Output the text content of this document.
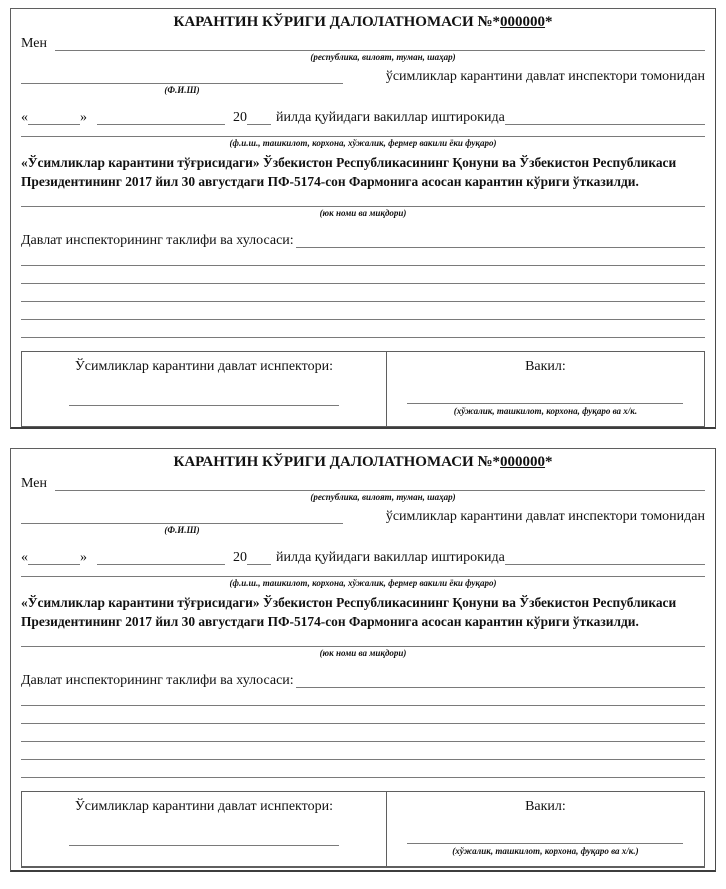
КАРАНТИН КЎРИГИ ДАЛОЛАТНОМАСИ №*000000*
Мен
(республика, вилоят, туман, шаҳар)
ўсимликлар карантини давлат инспектори томонидан
(Ф.И.Ш)
«	»	20 йилда қуйидаги вакиллар иштирокида
(ф.и.ш., ташкилот, корхона, хўжалик, фермер вакили ёки фуқаро)
«Ўсимликлар карантини тўғрисидаги» Ўзбекистон Республикасининг Қонуни ва Ўзбекистон Республикаси Президентининг 2017 йил 30 августдаги ПФ-5174-сон Фармонига асосан карантин кўриги ўтказилди.
(юк номи ва миқдори)
Давлат инспекторининг таклифи ва хулосаси:
Ўсимликлар карантини давлат иснпектори:	Вакил:
(хўжалик, ташкилот, корхона, фуқаро ва х/к.
КАРАНТИН КЎРИГИ ДАЛОЛАТНОМАСИ №*000000*
Мен
(республика, вилоят, туман, шаҳар)
ўсимликлар карантини давлат инспектори томонидан
(Ф.И.Ш)
«	»	20 йилда қуйидаги вакиллар иштирокида
(ф.и.ш., ташкилот, корхона, хўжалик, фермер вакили ёки фуқаро)
«Ўсимликлар карантини тўғрисидаги» Ўзбекистон Республикасининг Қонуни ва Ўзбекистон Республикаси Президентининг 2017 йил 30 августдаги ПФ-5174-сон Фармонига асосан карантин кўриги ўтказилди.
(юк номи ва миқдори)
Давлат инспекторининг таклифи ва хулосаси:
Ўсимликлар карантини давлат иснпектори:	Вакил:
(хўжалик, ташкилот, корхона, фуқаро ва х/к.)
